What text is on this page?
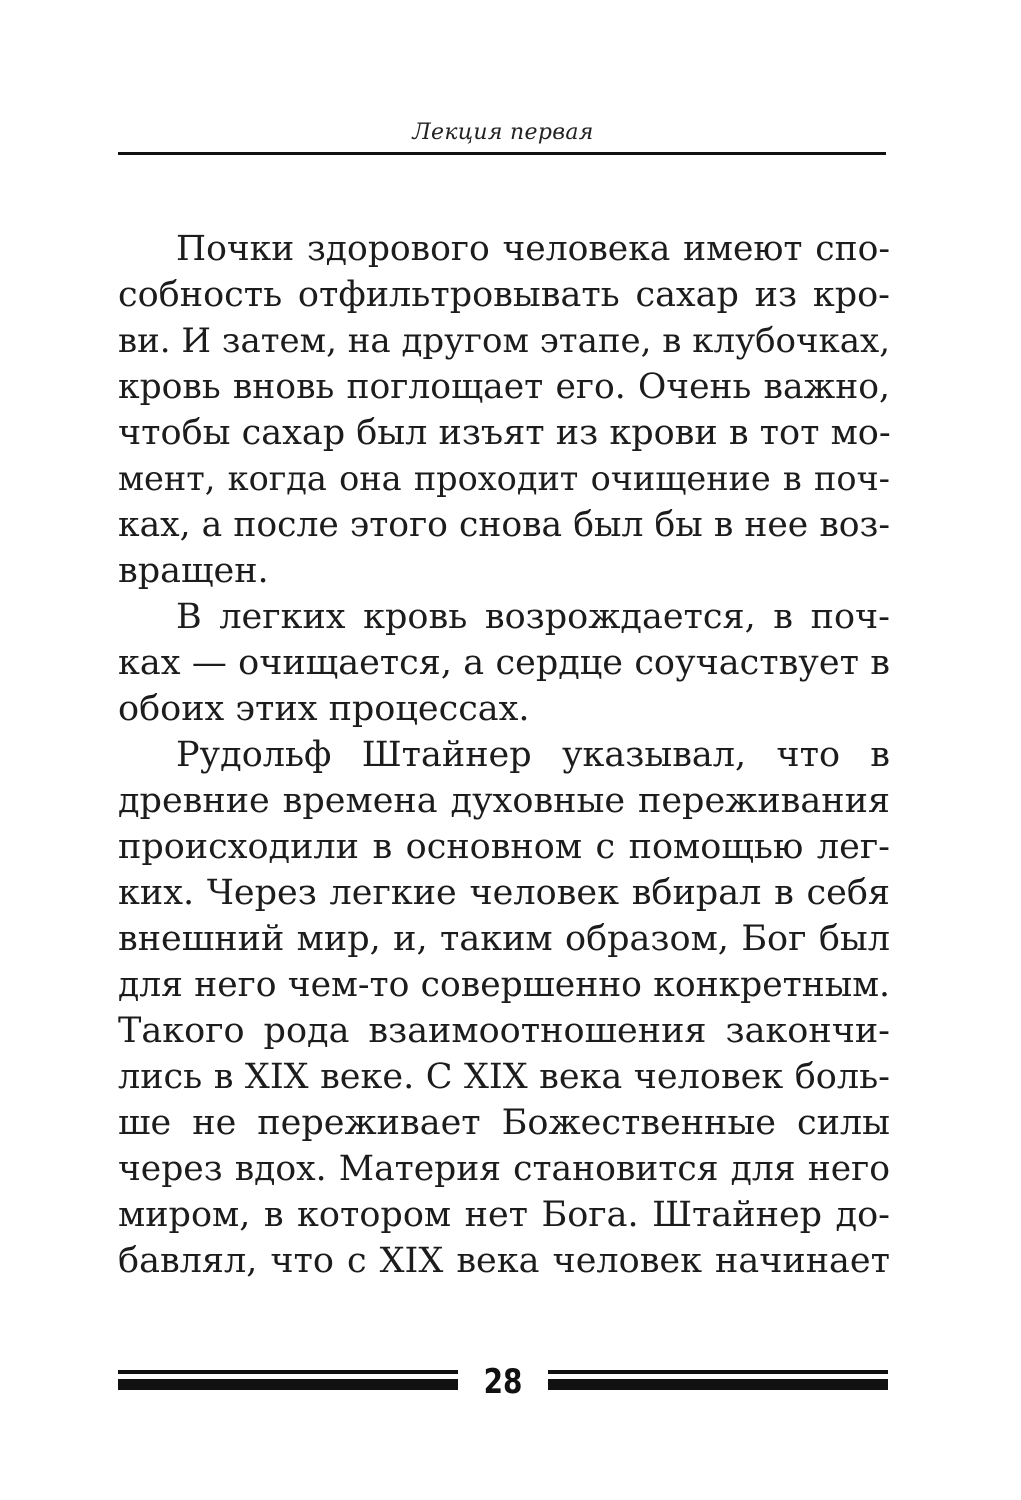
Лекция первая
Почки здорового человека имеют спо-
собность отфильтровывать сахар из кро-
ви. И затем, на другом этапе, в клубочках,
кровь вновь поглощает его. Очень важно,
чтобы сахар был изъят из крови в тот мо-
мент, когда она проходит очищение в поч-
ках, а после этого снова был бы в нее воз-
вращен.
В легких кровь возрождается, в поч-
ках — очищается, а сердце соучаствует в
обоих этих процессах.
Рудольф Штайнер указывал, что в
древние времена духовные переживания
происходили в основном с помощью лег-
ких. Через легкие человек вбирал в себя
внешний мир, и, таким образом, Бог был
для него чем-то совершенно конкретным.
Такого рода взаимоотношения закончи-
лись в XIX веке. С XIX века человек боль-
ше не переживает Божественные силы
через вдох. Материя становится для него
миром, в котором нет Бога. Штайнер до-
бавлял, что с XIX века человек начинает
28
